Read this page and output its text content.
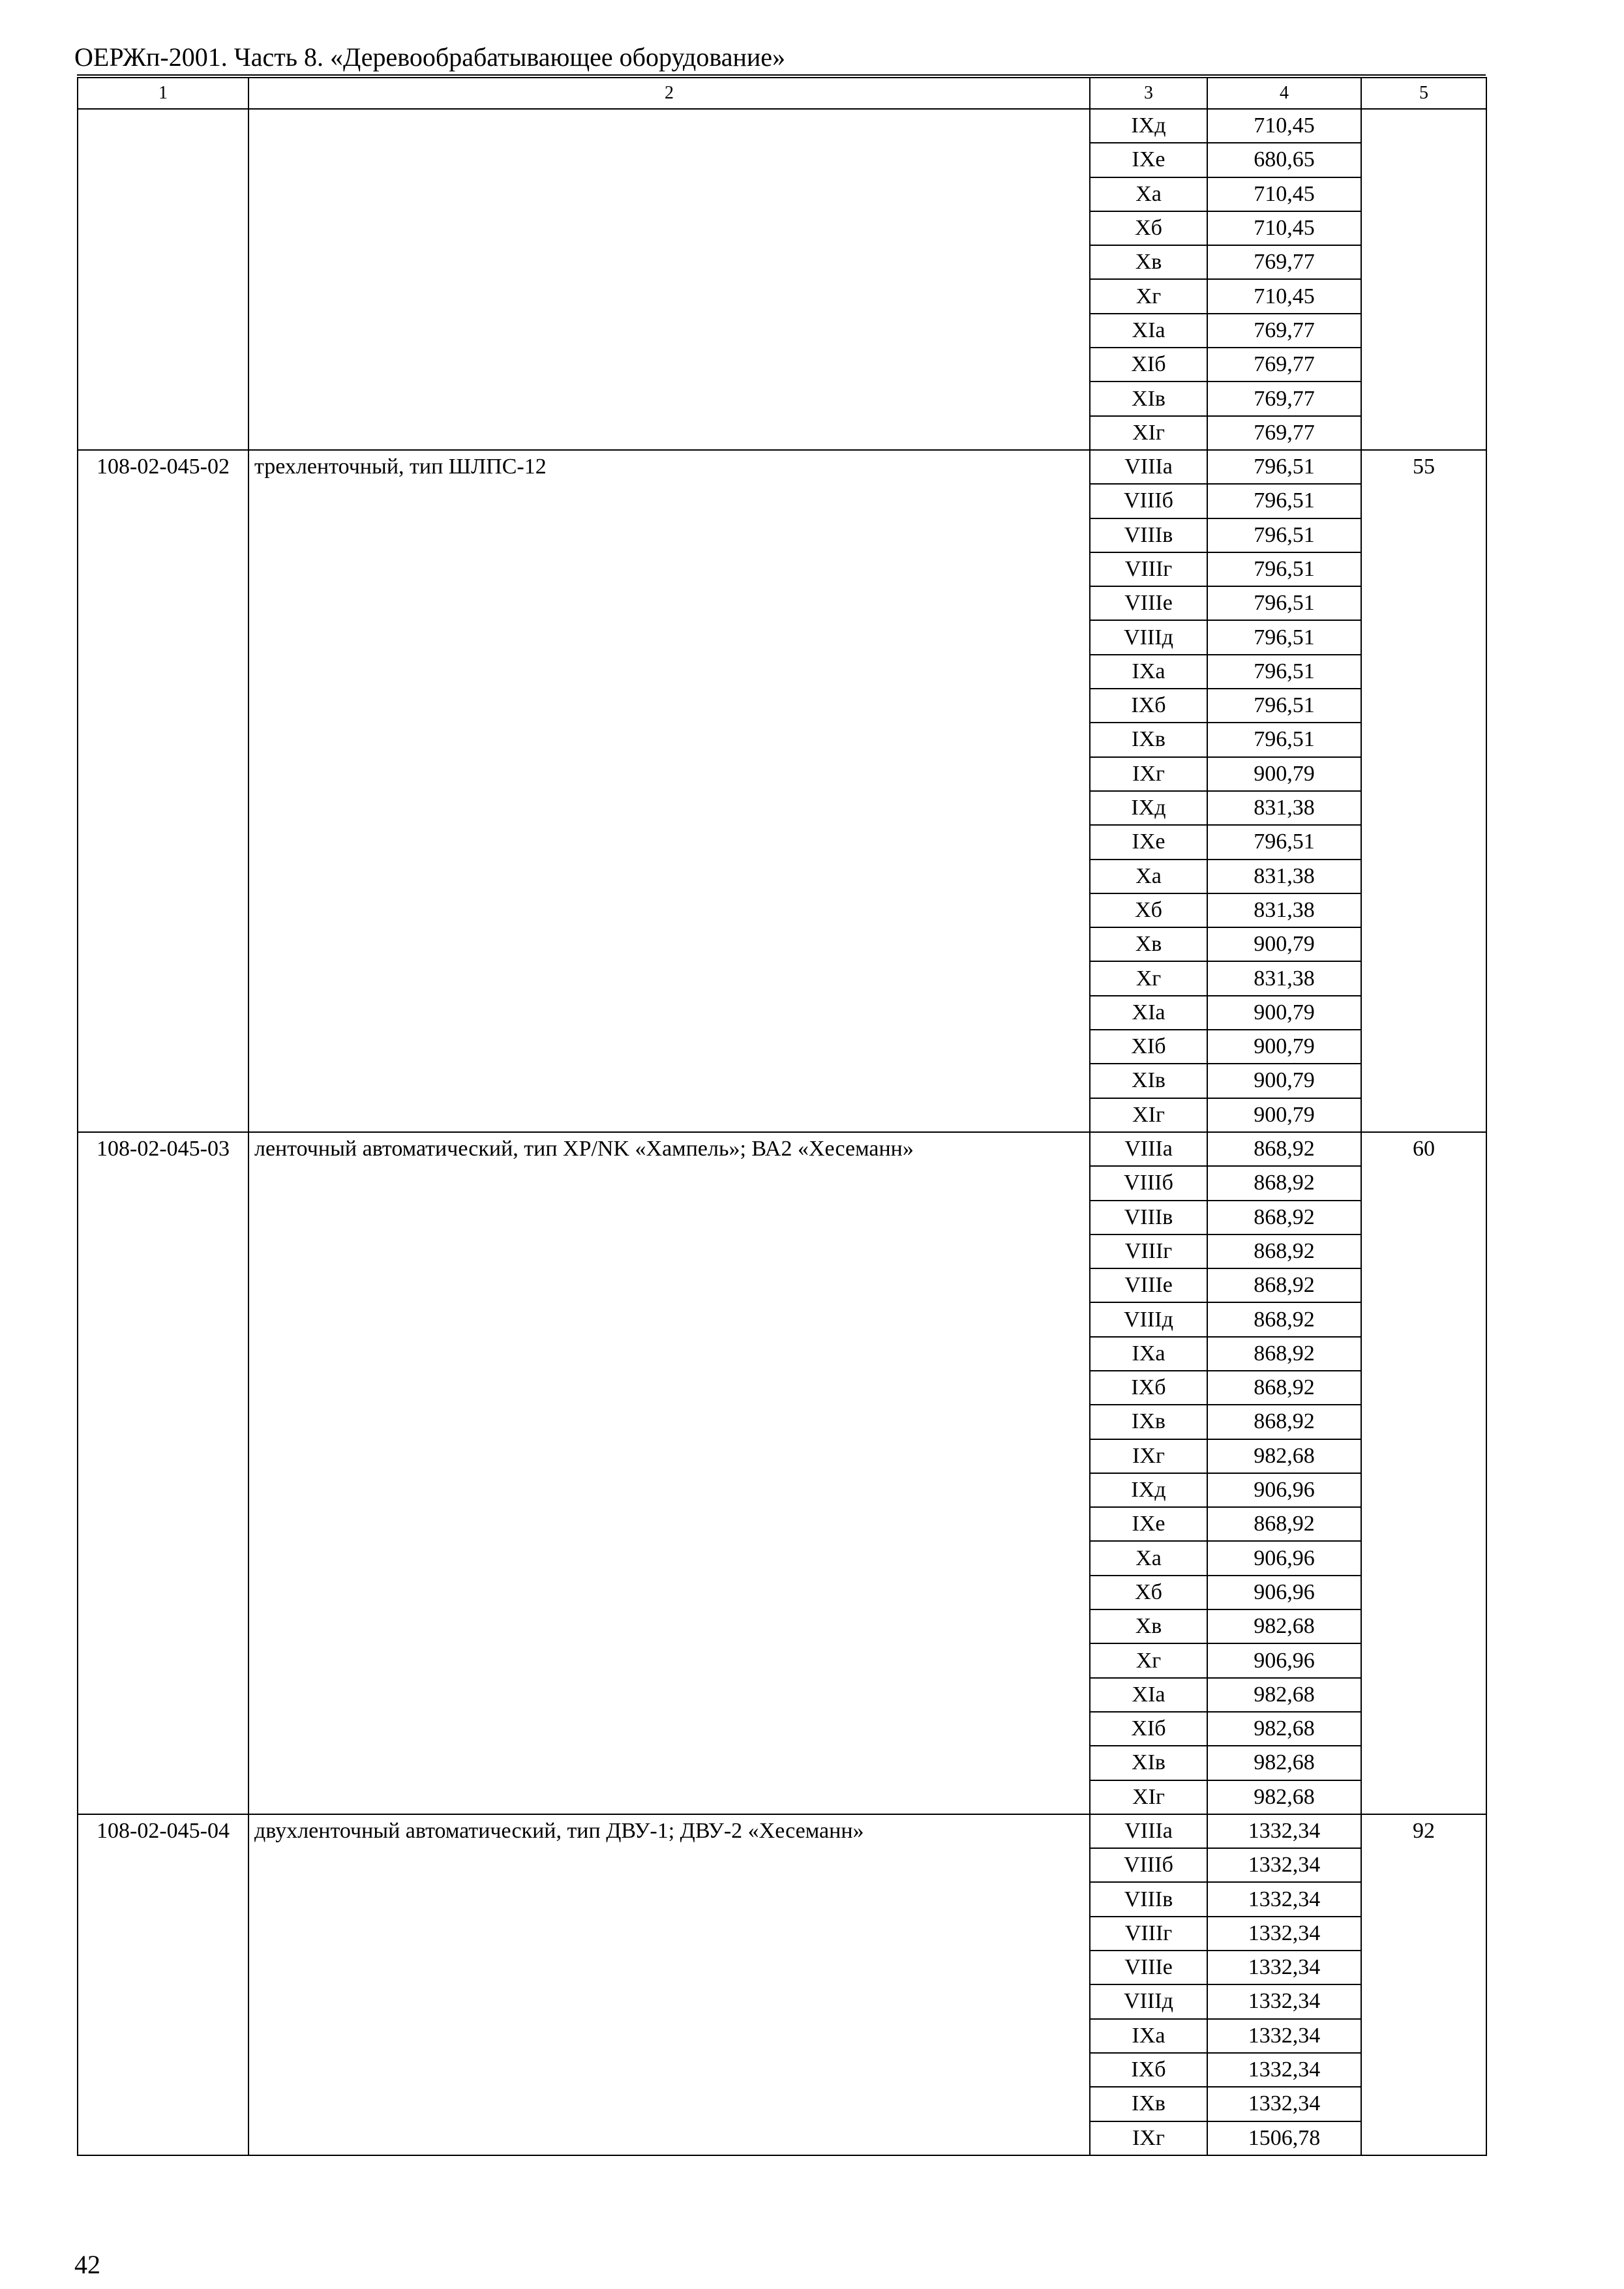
ОЕРЖп-2001. Часть 8. «Деревообрабатывающее оборудование»
1	2	3	4	5
		IXд	710,45	
		IXе	680,65	
		Xа	710,45	
		Xб	710,45	
		Xв	769,77	
		Xг	710,45	
		XIа	769,77	
		XIб	769,77	
		XIв	769,77	
		XIг	769,77	
108-02-045-02	трехленточный, тип ШЛПС-12	VIIIа	796,51	55
		VIIIб	796,51	
		VIIIв	796,51	
		VIIIг	796,51	
		VIIIе	796,51	
		VIIIд	796,51	
		IXа	796,51	
		IXб	796,51	
		IXв	796,51	
		IXг	900,79	
		IXд	831,38	
		IXе	796,51	
		Xа	831,38	
		Xб	831,38	
		Xв	900,79	
		Xг	831,38	
		XIа	900,79	
		XIб	900,79	
		XIв	900,79	
		XIг	900,79	
108-02-045-03	ленточный автоматический, тип XP/NK «Хампель»; ВА2 «Хесеманн»	VIIIа	868,92	60
		VIIIб	868,92	
		VIIIв	868,92	
		VIIIг	868,92	
		VIIIе	868,92	
		VIIIд	868,92	
		IXа	868,92	
		IXб	868,92	
		IXв	868,92	
		IXг	982,68	
		IXд	906,96	
		IXе	868,92	
		Xа	906,96	
		Xб	906,96	
		Xв	982,68	
		Xг	906,96	
		XIа	982,68	
		XIб	982,68	
		XIв	982,68	
		XIг	982,68	
108-02-045-04	двухленточный автоматический, тип ДВУ-1; ДВУ-2 «Хесеманн»	VIIIа	1332,34	92
		VIIIб	1332,34	
		VIIIв	1332,34	
		VIIIг	1332,34	
		VIIIе	1332,34	
		VIIIд	1332,34	
		IXа	1332,34	
		IXб	1332,34	
		IXв	1332,34	
		IXг	1506,78	
42
